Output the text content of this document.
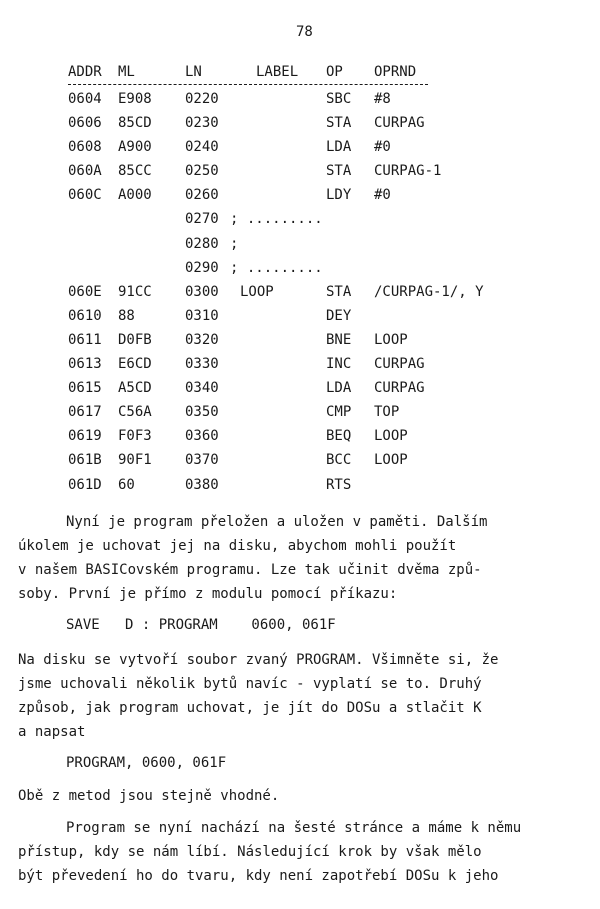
78
ADDR ML	LN	LABEL OP OPRND
0604 E908 0220	SBC #8
0606 85CD 0230	STA CURPAG
0608 A900 0240	LDA #0
060A 85CC 0250	STA CURPAG-1
060C A000 0260	LDY #0
0270 ; .........
0280 ;
0290 ; .........
060E 91CC 0300 LOOP	STA /CURPAG-1/, Y
0610 88	0310	DEY
0611 D0FB 0320	BNE LOOP
0613 E6CD 0330	INC CURPAG
0615 A5CD 0340	LDA CURPAG
0617 C56A 0350	CMP TOP
0619 F0F3 0360	BEQ LOOP
061B 90F1 0370	BCC LOOP
061D 60	0380	RTS
Nyní je program přeložen a uložen v paměti. Dalším
úkolem je uchovat jej na disku, abychom mohli použít
v našem BASICovském programu. Lze tak učinit dvěma způ-
soby. První je přímo z modulu pomocí příkazu:
SAVE   D : PROGRAM    0600, 061F
Na disku se vytvoří soubor zvaný PROGRAM. Všimněte si, že
jsme uchovali několik bytů navíc - vyplatí se to. Druhý
způsob, jak program uchovat, je jít do DOSu a stlačit K
a napsat
PROGRAM, 0600, 061F
Obě z metod jsou stejně vhodné.
Program se nyní nachází na šesté stránce a máme k němu
přístup, kdy se nám líbí. Následující krok by však mělo
být převedení ho do tvaru, kdy není zapotřebí DOSu k jeho
